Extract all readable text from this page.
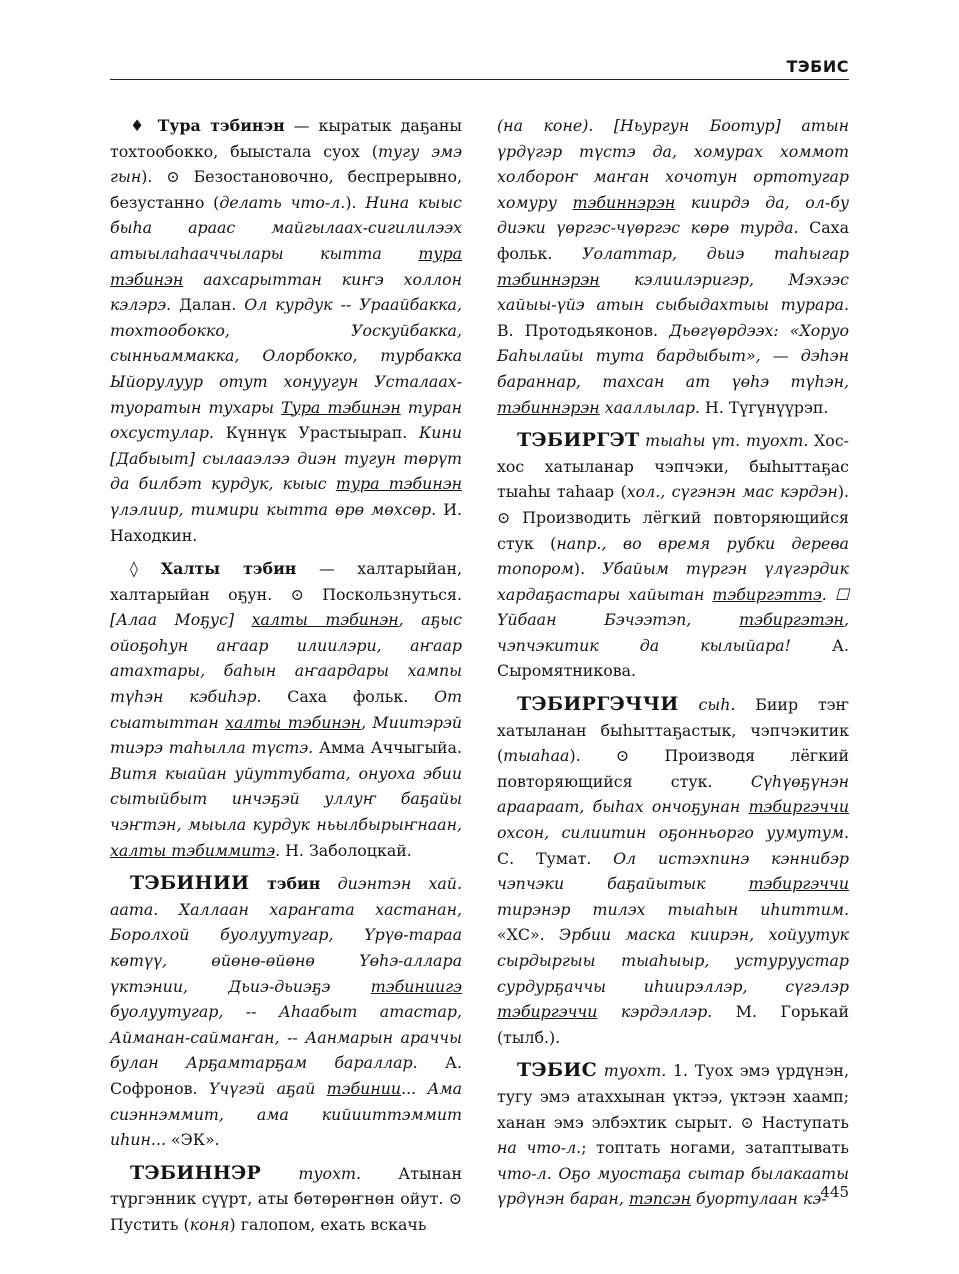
ТЭБИС

♦ Тура тэбинэн — кыратык даҕаны тохтообокко, быыстала суох (тугу эмэ гын). ⊙ Безостановочно, беспрерывно, безустанно (делать что-л.). Нина кыыс быһа араас майгылаах-сигилилээх атыылаһааччылары кытта тура тэбинэн аахсарыттан киҥэ холлон кэлэрэ. Далан. Ол курдук -- Ураайбакка, тохтообокко, Уоскуйбакка, сынньаммакка, Олорбокко, турбакка Ыйорулуур отут хонуугун Усталаах-туоратын тухары Тура тэбинэн туран охсустулар. Күннүк Урастыырап. Кини [Дабыыт] сылааэлээ диэн тугун төрүт да билбэт курдук, кыыс тура тэбинэн үлэлиир, тимири кытта өрө мөхсөр. И. Находкин.

◊ Халты тэбин — халтарыйан, халтарыйан оҕун. ⊙ Поскользнуться. [Алаа Моҕус] халты тэбинэн, аҕыс ойоҕоһун аҥаар илиилэри, аҥаар атахтары, баһын аҥаардары хампы түһэн кэбиһэр. Саха фольк. От сыатыттан халты тэбинэн, Миитэрэй тиэрэ таһылла түстэ. Амма Аччыгыйа. Витя кыайан уйуттубата, онуоха эбии сытыйбыт инчэҕэй уллуҥ баҕайы чэҥтэн, мыыла курдук ньылбырыҥнаан, халты тэбиммитэ. Н. Заболоцкай.

ТЭБИНИИ тэбин диэнтэн хай. аата. Халлаан хараҥата хастанан, Боролхой буолуутугар, Үрүө-тараа көтүү, өйөнө-өйөнө Үөһэ-аллара үктэнии, Дьиэ-дьиэҕэ тэбиниигэ буолуутугар, -- Аһаабыт атастар, Айманан-саймаҥан, -- Аанмарын араччы булан Арҕамтарҕам бараллар. А. Софронов. Үчүгэй аҕай тэбинии... Ама сиэннэммит, ама кийииттэммит иһин... «ЭК».

ТЭБИННЭР туохт. Атынан түргэнник сүүрт, аты бөтөрөҥнөн ойут. ⊙ Пустить (коня) галопом, ехать вскачь

(на коне). [Ньургун Боотур] атын үрдүгэр түстэ да, хомурах хоммот холбороҥ маҥан хочотун ортотугар хомуру тэбиннэрэн киирдэ да, ол-бу диэки үөргэс-чүөргэс көрө турда. Саха фольк. Уолаттар, дьиэ таһыгар тэбиннэрэн кэлиилэригэр, Мэхээс хайыы-үйэ атын сыбыдахтыы турара. В. Протодьяконов. Дьөгүөрдээх: «Хоруо Баһылайы тута бардыбыт», — дэһэн бараннар, тахсан ат үөһэ түһэн, тэбиннэрэн хааллылар. Н. Түгүнүүрэп.

ТЭБИРГЭТ тыаһы үт. туохт. Хос-хос хатыланар чэпчэки, быһыттаҕас тыаһы таһаар (хол., сүгэнэн мас кэрдэн). ⊙ Производить лёгкий повторяющийся стук (напр., во время рубки дерева топором). Убайым түргэн үлүгэрдик хардаҕастары хайытан тэбиргэттэ. ☐ Үйбаан Бэчээтэп, тэбиргэтэн, чэпчэкитик да кылыйара! А. Сыромятникова.

ТЭБИРГЭЧЧИ сыһ. Биир тэҥ хатыланан быһыттаҕастык, чэпчэкитик (тыаһаа). ⊙ Производя лёгкий повторяющийся стук. Сүһүөҕүнэн араараат, быһах ончоҕунан тэбиргэччи охсон, силиитин оҕонньорго уумутум. С. Тумат. Ол истэхпинэ кэннибэр чэпчэки баҕайытык тэбиргэччи тирэнэр тилэх тыаһын иһиттим. «ХС». Эрбии маска киирэн, хойуутук сырдыргыы тыаһыыр, устуруустар сурдурҕаччы иһиирэллэр, сүгэлэр тэбиргэччи кэрдэллэр. М. Горькай (тылб.).

ТЭБИС туохт. 1. Туох эмэ үрдүнэн, тугу эмэ атаххынан үктээ, үктээн хаамп; ханан эмэ элбэхтик сырыт. ⊙ Наступать на что-л.; топтать ногами, затаптывать что-л. Оҕо муостаҕа сытар былакааты үрдүнэн баран, тэпсэн буортулаан кэ-

445
